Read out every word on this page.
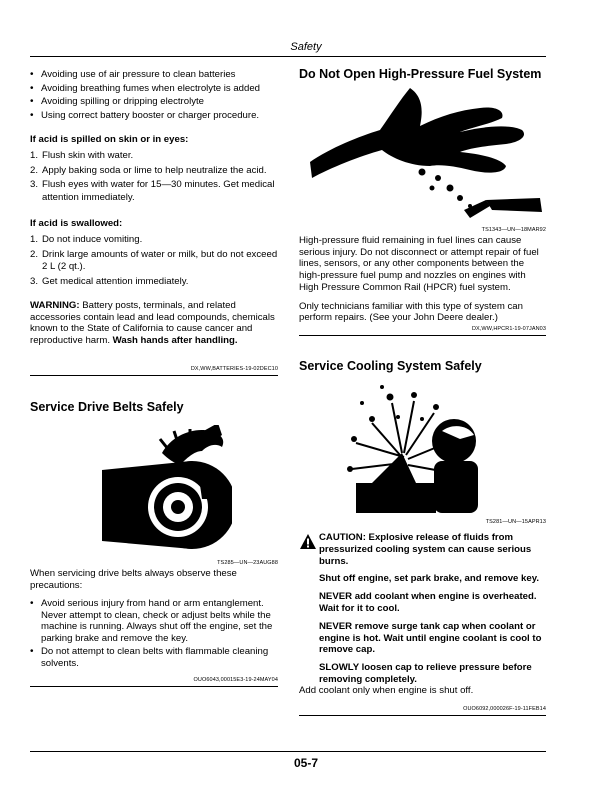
Safety
• Avoiding use of air pressure to clean batteries
• Avoiding breathing fumes when electrolyte is added
• Avoiding spilling or dripping electrolyte
• Using correct battery booster or charger procedure.
If acid is spilled on skin or in eyes:
1. Flush skin with water.
2. Apply baking soda or lime to help neutralize the acid.
3. Flush eyes with water for 15—30 minutes. Get medical attention immediately.
If acid is swallowed:
1. Do not induce vomiting.
2. Drink large amounts of water or milk, but do not exceed 2 L (2 qt.).
3. Get medical attention immediately.

WARNING: Battery posts, terminals, and related accessories contain lead and lead compounds, chemicals known to the State of California to cause cancer and reproductive harm. Wash hands after handling.

DX,WW,BATTERIES-19-02DEC10
Service Drive Belts Safely
TS285—UN—23AUG88

When servicing drive belts always observe these precautions:

• Avoid serious injury from hand or arm entanglement. Never attempt to clean, check or adjust belts while the machine is running. Always shut off the engine, set the parking brake and remove the key.
• Do not attempt to clean belts with flammable cleaning solvents.
OUO6043,00015E3-19-24MAY04
Do Not Open High-Pressure Fuel System
TS1343—UN—18MAR92

High-pressure fluid remaining in fuel lines can cause serious injury. Do not disconnect or attempt repair of fuel lines, sensors, or any other components between the high-pressure fuel pump and nozzles on engines with High Pressure Common Rail (HPCR) fuel system.

Only technicians familiar with this type of system can perform repairs. (See your John Deere dealer.)

DX,WW,HPCR1-19-07JAN03
Service Cooling System Safely
TS281—UN—15APR13

CAUTION: Explosive release of fluids from pressurized cooling system can cause serious burns.

Shut off engine, set park brake, and remove key.

NEVER add coolant when engine is overheated. Wait for it to cool.

NEVER remove surge tank cap when coolant or engine is hot. Wait until engine coolant is cool to remove cap.

SLOWLY loosen cap to relieve pressure before removing completely.

Add coolant only when engine is shut off.
OUO6092,000026F-19-11FEB14
05-7
